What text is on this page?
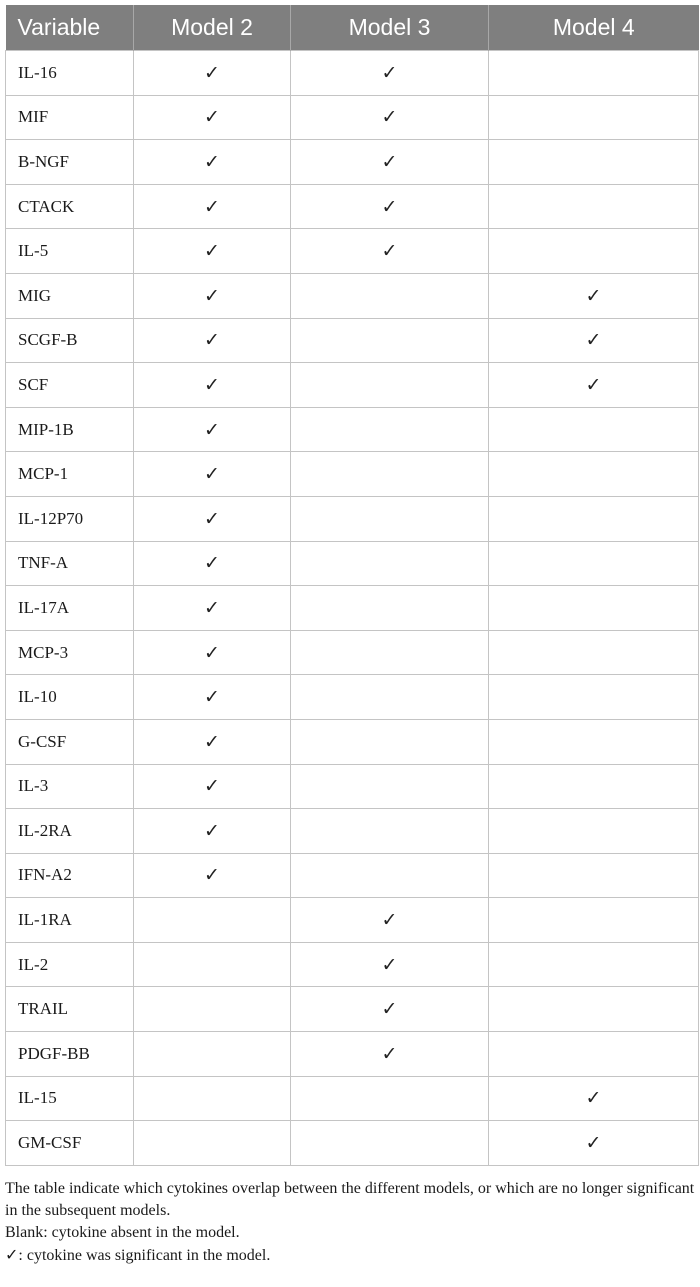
Variable	Model 2	Model 3	Model 4
IL-16	✓	✓	
MIF	✓	✓	
B-NGF	✓	✓	
CTACK	✓	✓	
IL-5	✓	✓	
MIG	✓		✓
SCGF-B	✓		✓
SCF	✓		✓
MIP-1B	✓		
MCP-1	✓		
IL-12P70	✓		
TNF-A	✓		
IL-17A	✓		
MCP-3	✓		
IL-10	✓		
G-CSF	✓		
IL-3	✓		
IL-2RA	✓		
IFN-A2	✓		
IL-1RA		✓	
IL-2		✓	
TRAIL		✓	
PDGF-BB		✓	
IL-15			✓
GM-CSF			✓

The table indicate which cytokines overlap between the different models, or which are no longer significant in the subsequent models.

Blank: cytokine absent in the model.

✓: cytokine was significant in the model.
